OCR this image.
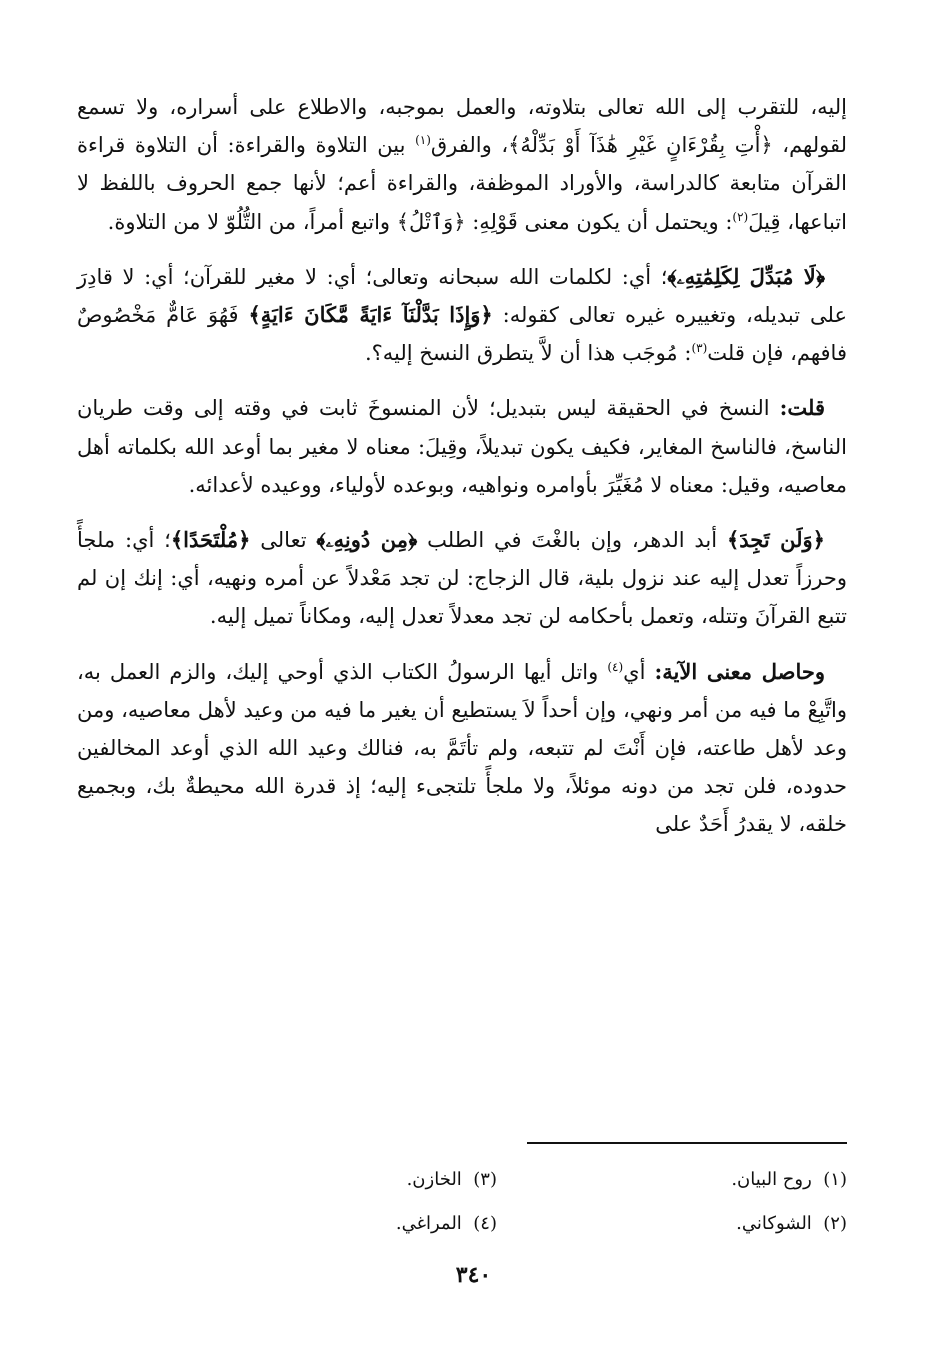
إليه، للتقرب إلى الله تعالى بتلاوته، والعمل بموجبه، والاطلاع على أسراره، ولا تسمع لقولهم، ﴿أْتِ بِقُرْءَانٍ غَيْرِ هَٰذَآ أَوْ بَدِّلْهُ﴾، والفرق$^{(١)}$ بين التلاوة والقراءة: أن التلاوة قراءة القرآن متابعة كالدراسة، والأوراد الموظفة، والقراءة أعم؛ لأنها جمع الحروف باللفظ لا اتباعها، قِيلَ$^{(٢)}$: ويحتمل أن يكون معنى قَوْلِهِ: ﴿وَٱتْلُ﴾ واتبع أمراً، من التُّلُوّ لا من التلاوة.

﴿لَا مُبَدِّلَ لِكَلِمَٰتِهِۦ﴾؛ أي: لكلمات الله سبحانه وتعالى؛ أي: لا مغير للقرآن؛ أي: لا قادِرَ على تبديله، وتغييره غيره تعالى كقوله: ﴿وَإِذَا بَدَّلْنَآ ءَايَةً مَّكَانَ ءَايَةٍ﴾ فَهُوَ عَامٌّ مَخْصُوصٌ فافهم، فإن قلت$^{(٣)}$: مُوجَب هذا أن لاَّ يتطرق النسخ إليه؟.

قلت: النسخ في الحقيقة ليس بتبديل؛ لأن المنسوخَ ثابت في وقته إلى وقت طريان الناسخ، فالناسخ المغاير، فكيف يكون تبديلاً، وقِيلَ: معناه لا مغير بما أوعد الله بكلماته أهل معاصيه، وقيل: معناه لا مُغَيِّرَ بأوامره ونواهيه، وبوعده لأولياء، ووعيده لأعدائه.

﴿وَلَن تَجِدَ﴾ أبد الدهر، وإن بالغْتَ في الطلب ﴿مِن دُونِهِۦ﴾ تعالى ﴿مُلْتَحَدًا﴾؛ أي: ملجأً وحرزاً تعدل إليه عند نزول بلية، قال الزجاج: لن تجد مَعْدلاً عن أمره ونهيه، أي: إنك إن لم تتبع القرآنَ وتتله، وتعمل بأحكامه لن تجد معدلاً تعدل إليه، ومكاناً تميل إليه.

وحاصل معنى الآية: أي$^{(٤)}$ واتل أيها الرسولُ الكتاب الذي أوحي إليك، والزم العمل به، واتَّبِعْ ما فيه من أمر ونهي، وإن أحداً لاَ يستطيع أن يغير ما فيه من وعيد لأهل معاصيه، ومن وعد لأهل طاعته، فإن أَنْتَ لم تتبعه، ولم تأتَمَّ به، فنالك وعيد الله الذي أوعد المخالفين حدوده، فلن تجد من دونه موئلاً، ولا ملجأً تلتجىء إليه؛ إذ قدرة الله محيطةٌ بك، وبجميع خلقه، لا يقدرُ أَحَدٌ على

(١)  روح البيان.
(٣)  الخازن.
(٢)  الشوكاني.
(٤)  المراغي.
٣٤٠
